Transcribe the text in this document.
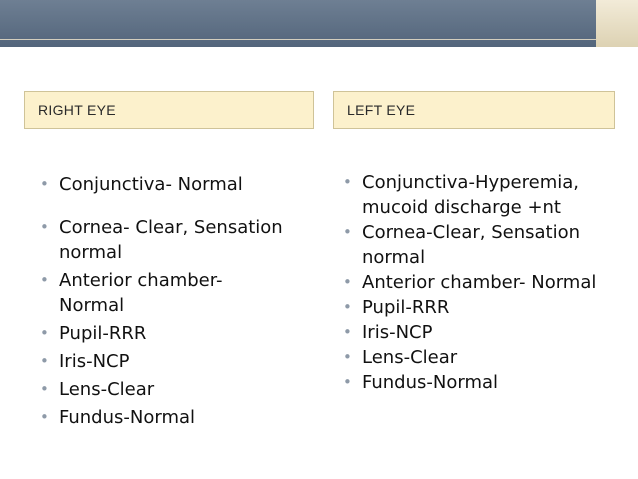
RIGHT EYE	LEFT EYE
• Conjunctiva- Normal
• Cornea- Clear, Sensation normal
• Anterior chamber- Normal
• Pupil-RRR
• Iris-NCP
• Lens-Clear
• Fundus-Normal
• Conjunctiva-Hyperemia, mucoid discharge +nt
• Cornea-Clear, Sensation normal
• Anterior chamber- Normal
• Pupil-RRR
• Iris-NCP
• Lens-Clear
• Fundus-Normal
